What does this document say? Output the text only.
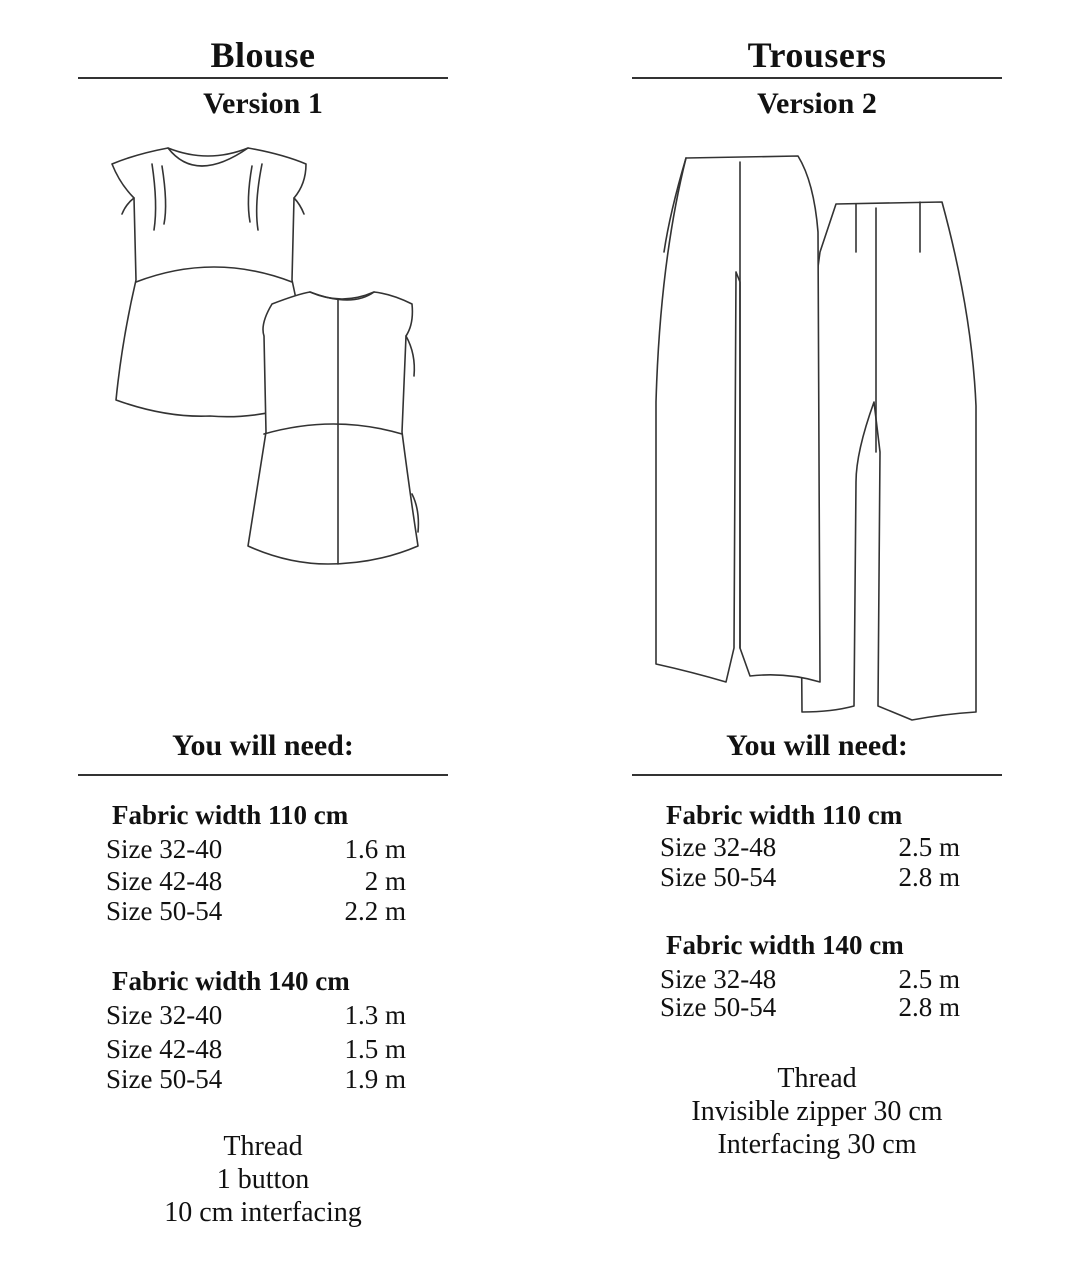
Blouse
Version 1
You will need:
Fabric width 110 cm
Size 32-40	1.6 m
Size 42-48	2 m
Size 50-54	2.2 m
Fabric width 140 cm
Size 32-40	1.3 m
Size 42-48	1.5 m
Size 50-54	1.9 m
Thread
1 button
10 cm interfacing
Trousers
Version 2
You will need:
Fabric width 110 cm
Size 32-48	2.5 m
Size 50-54	2.8 m
Fabric width 140 cm
Size 32-48	2.5 m
Size 50-54	2.8 m
Thread
Invisible zipper 30 cm
Interfacing 30 cm
